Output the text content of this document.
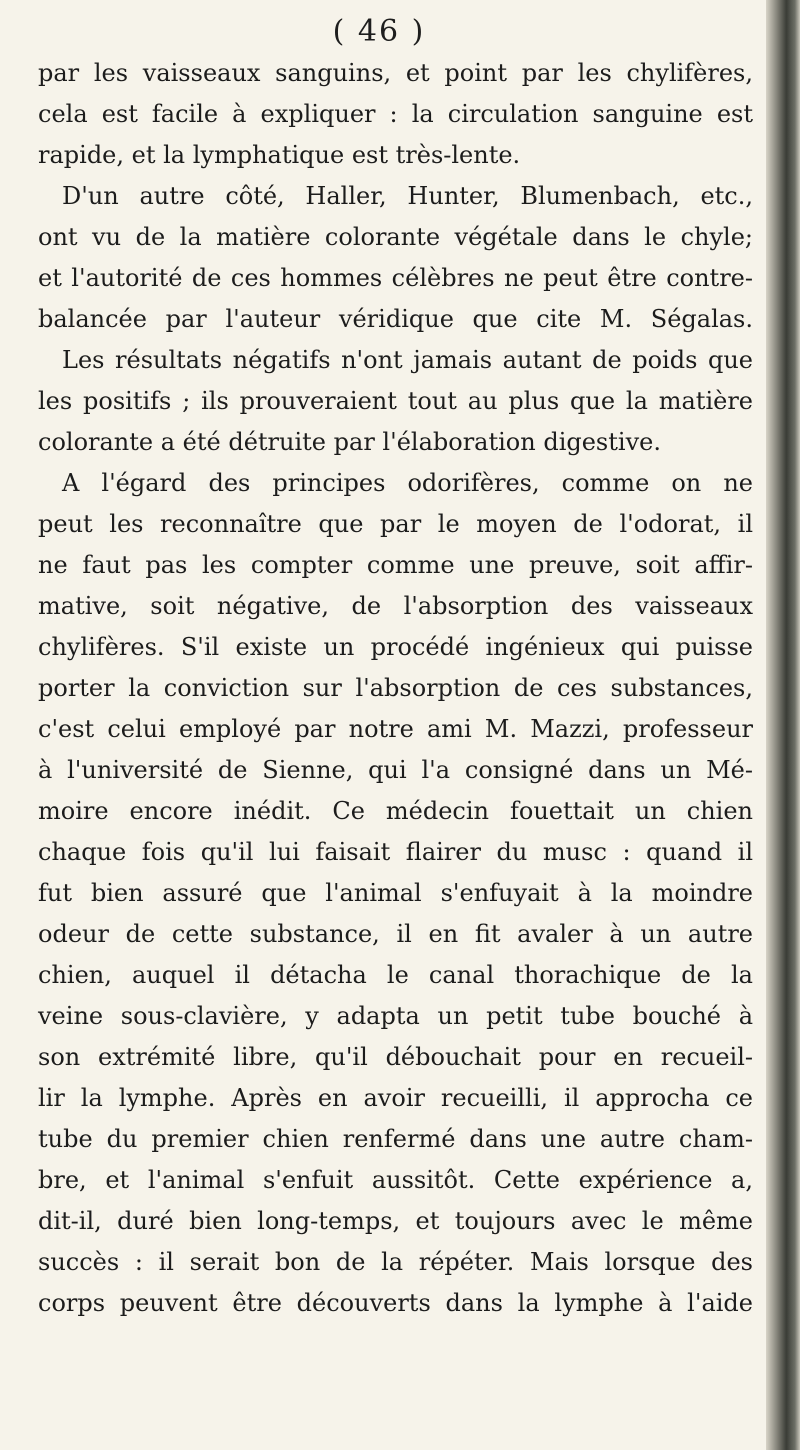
( 46 )

par les vaisseaux sanguins, et point par les chylifères,

cela est facile à expliquer : la circulation sanguine est

rapide, et la lymphatique est très-lente.

D'un autre côté, Haller, Hunter, Blumenbach, etc.,

ont vu de la matière colorante végétale dans le chyle;

et l'autorité de ces hommes célèbres ne peut être contre-

balancée par l'auteur véridique que cite M. Ségalas.

Les résultats négatifs n'ont jamais autant de poids que

les positifs ; ils prouveraient tout au plus que la matière

colorante a été détruite par l'élaboration digestive.

A l'égard des principes odorifères, comme on ne

peut les reconnaître que par le moyen de l'odorat, il

ne faut pas les compter comme une preuve, soit affir-

mative, soit négative, de l'absorption des vaisseaux

chylifères. S'il existe un procédé ingénieux qui puisse

porter la conviction sur l'absorption de ces substances,

c'est celui employé par notre ami M. Mazzi, professeur

à l'université de Sienne, qui l'a consigné dans un Mé-

moire encore inédit. Ce médecin fouettait un chien

chaque fois qu'il lui faisait flairer du musc : quand il

fut bien assuré que l'animal s'enfuyait à la moindre

odeur de cette substance, il en fit avaler à un autre

chien, auquel il détacha le canal thorachique de la

veine sous-clavière, y adapta un petit tube bouché à

son extrémité libre, qu'il débouchait pour en recueil-

lir la lymphe. Après en avoir recueilli, il approcha ce

tube du premier chien renfermé dans une autre cham-

bre, et l'animal s'enfuit aussitôt. Cette expérience a,

dit-il, duré bien long-temps, et toujours avec le même

succès : il serait bon de la répéter. Mais lorsque des

corps peuvent être découverts dans la lymphe à l'aide
